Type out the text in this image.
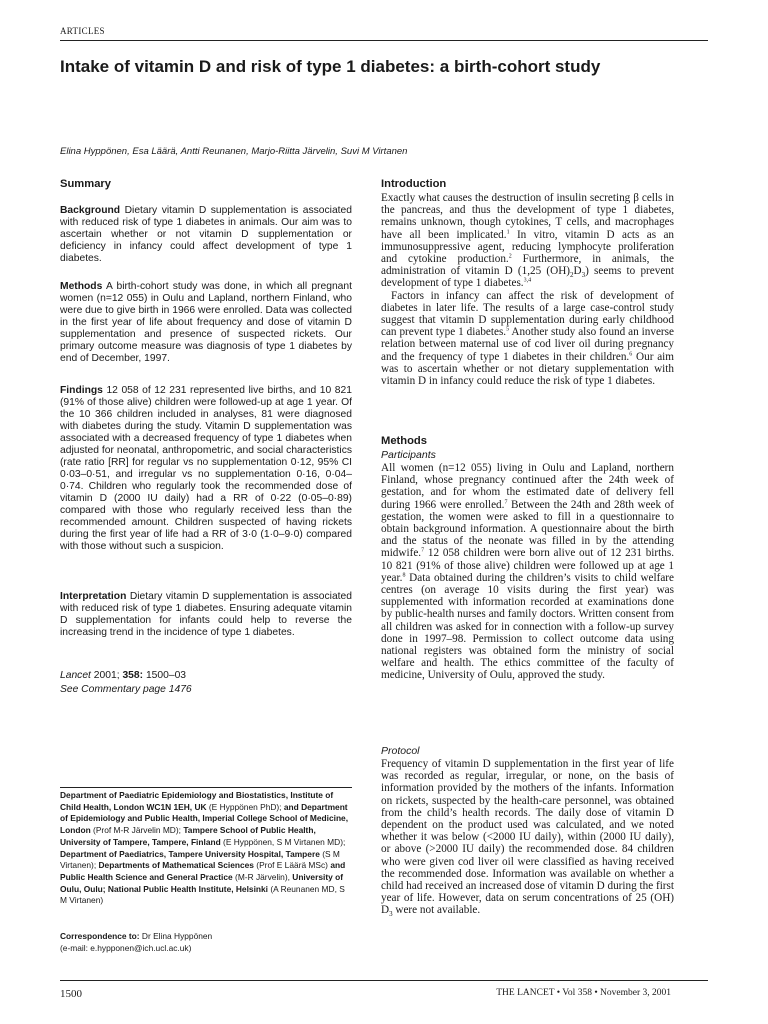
ARTICLES
Intake of vitamin D and risk of type 1 diabetes: a birth-cohort study
Elina Hyppönen, Esa Läärä, Antti Reunanen, Marjo-Riitta Järvelin, Suvi M Virtanen
Summary
Background Dietary vitamin D supplementation is associated with reduced risk of type 1 diabetes in animals. Our aim was to ascertain whether or not vitamin D supplementation or deficiency in infancy could affect development of type 1 diabetes.
Methods A birth-cohort study was done, in which all pregnant women (n=12 055) in Oulu and Lapland, northern Finland, who were due to give birth in 1966 were enrolled. Data was collected in the first year of life about frequency and dose of vitamin D supplementation and presence of suspected rickets. Our primary outcome measure was diagnosis of type 1 diabetes by end of December, 1997.
Findings 12 058 of 12 231 represented live births, and 10 821 (91% of those alive) children were followed-up at age 1 year. Of the 10 366 children included in analyses, 81 were diagnosed with diabetes during the study. Vitamin D supplementation was associated with a decreased frequency of type 1 diabetes when adjusted for neonatal, anthropometric, and social characteristics (rate ratio [RR] for regular vs no supplementation 0·12, 95% CI 0·03–0·51, and irregular vs no supplementation 0·16, 0·04–0·74. Children who regularly took the recommended dose of vitamin D (2000 IU daily) had a RR of 0·22 (0·05–0·89) compared with those who regularly received less than the recommended amount. Children suspected of having rickets during the first year of life had a RR of 3·0 (1·0–9·0) compared with those without such a suspicion.
Interpretation Dietary vitamin D supplementation is associated with reduced risk of type 1 diabetes. Ensuring adequate vitamin D supplementation for infants could help to reverse the increasing trend in the incidence of type 1 diabetes.
Lancet 2001; 358: 1500–03
See Commentary page 1476
Department of Paediatric Epidemiology and Biostatistics, Institute of Child Health, London WC1N 1EH, UK (E Hyppönen PhD); and Department of Epidemiology and Public Health, Imperial College School of Medicine, London (Prof M-R Järvelin MD); Tampere School of Public Health, University of Tampere, Tampere, Finland (E Hyppönen, S M Virtanen MD); Department of Paediatrics, Tampere University Hospital, Tampere (S M Virtanen); Departments of Mathematical Sciences (Prof E Läärä MSc) and Public Health Science and General Practice (M-R Järvelin), University of Oulu, Oulu; National Public Health Institute, Helsinki (A Reunanen MD, S M Virtanen)
Correspondence to: Dr Elina Hyppönen
(e-mail: e.hypponen@ich.ucl.ac.uk)
Introduction

Exactly what causes the destruction of insulin secreting β cells in the pancreas, and thus the development of type 1 diabetes, remains unknown, though cytokines, T cells, and macrophages have all been implicated.$^1$ In vitro, vitamin D acts as an immunosuppressive agent, reducing lymphocyte proliferation and cytokine production.$^2$ Furthermore, in animals, the administration of vitamin D (1,25 $(OH)_2D_3$) seems to prevent development of type 1 diabetes.$^{3,4}$

Factors in infancy can affect the risk of development of diabetes in later life. The results of a large case-control study suggest that vitamin D supplementation during early childhood can prevent type 1 diabetes.$^5$ Another study also found an inverse relation between maternal use of cod liver oil during pregnancy and the frequency of type 1 diabetes in their children.$^6$ Our aim was to ascertain whether or not dietary supplementation with vitamin D in infancy could reduce the risk of type 1 diabetes.

Methods
Participants

All women (n=12 055) living in Oulu and Lapland, northern Finland, whose pregnancy continued after the 24th week of gestation, and for whom the estimated date of delivery fell during 1966 were enrolled.$^7$ Between the 24th and 28th week of gestation, the women were asked to fill in a questionnaire to obtain background information. A questionnaire about the birth and the status of the neonate was filled in by the attending midwife.$^7$ 12 058 children were born alive out of 12 231 births. 10 821 (91% of those alive) children were followed up at age 1 year.$^8$ Data obtained during the children’s visits to child welfare centres (on average 10 visits during the first year) was supplemented with information recorded at examinations done by public-health nurses and family doctors. Written consent from all children was asked for in connection with a follow-up survey done in 1997–98. Permission to collect outcome data using national registers was obtained form the ministry of social welfare and health. The ethics committee of the faculty of medicine, University of Oulu, approved the study.

Protocol

Frequency of vitamin D supplementation in the first year of life was recorded as regular, irregular, or none, on the basis of information provided by the mothers of the infants. Information on rickets, suspected by the health-care personnel, was obtained from the child’s health records. The daily dose of vitamin D dependent on the product used was calculated, and we noted whether it was below (<2000 IU daily), within (2000 IU daily), or above (>2000 IU daily) the recommended dose. 84 children who were given cod liver oil were classified as having received the recommended dose. Information was available on whether a child had received an increased dose of vitamin D during the first year of life. However, data on serum concentrations of 25 (OH) $D_3$ were not available.

1500	THE LANCET • Vol 358 • November 3, 2001
